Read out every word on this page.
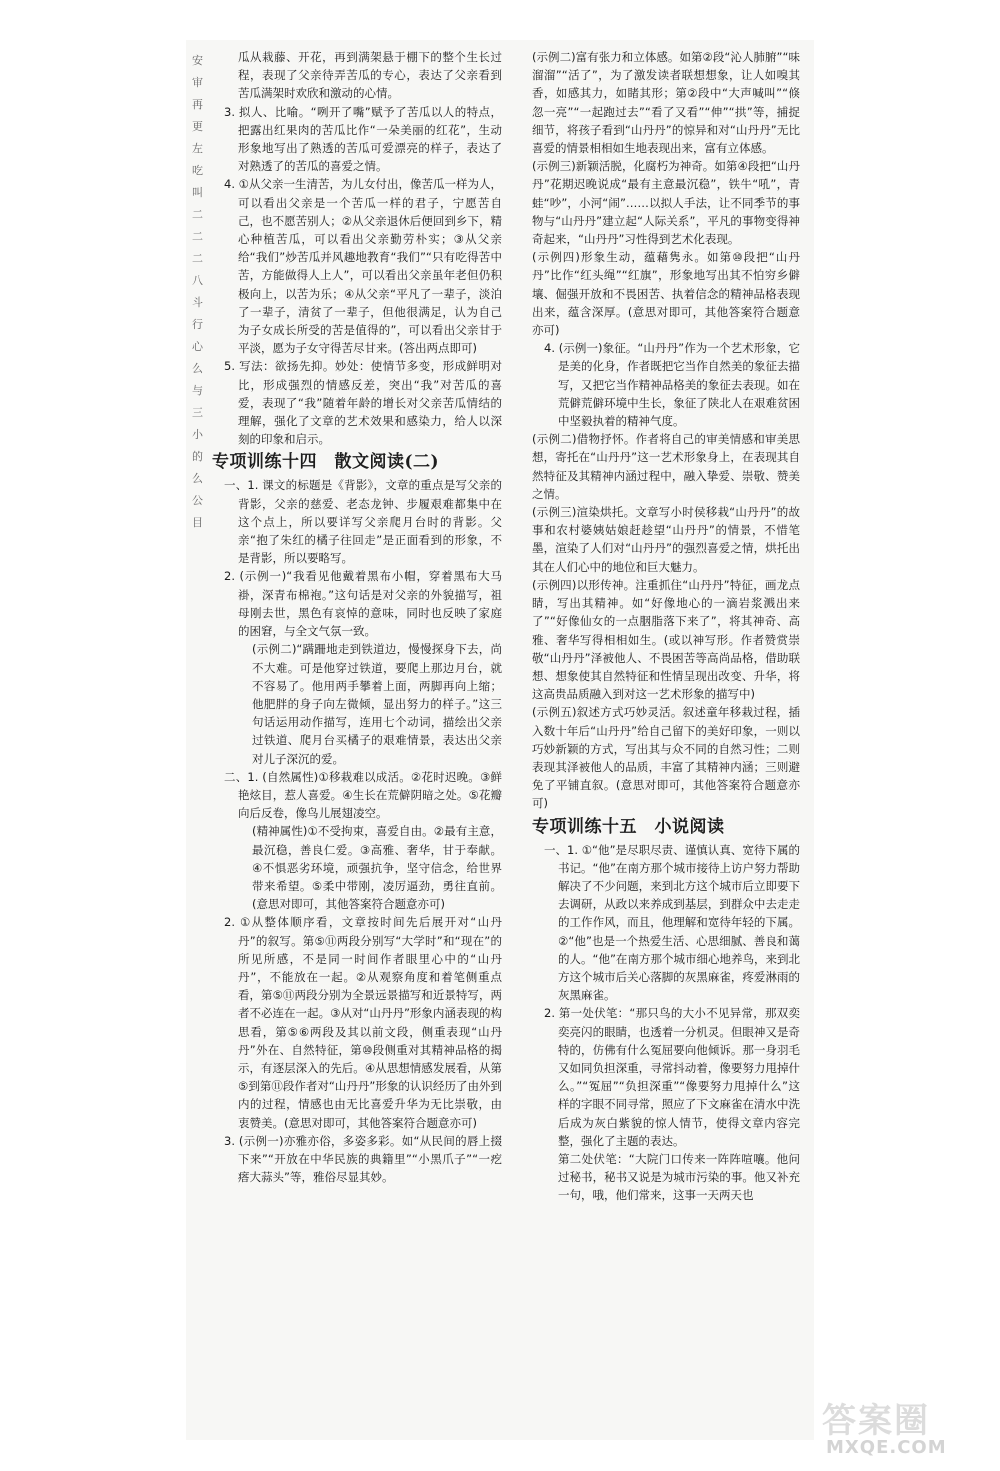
安审再更左吃叫二二二八斗行心么与三小的么公目

瓜从栽藤、开花，再到满架悬于棚下的整个生长过程，表现了父亲待弄苦瓜的专心，表达了父亲看到苦瓜满架时欢欣和激动的心情。

3. 拟人、比喻。“咧开了嘴”赋予了苦瓜以人的特点，把露出红果肉的苦瓜比作“一朵美丽的红花”，生动形象地写出了熟透的苦瓜可爱漂亮的样子，表达了对熟透了的苦瓜的喜爱之情。

4. ①从父亲一生清苦，为儿女付出，像苦瓜一样为人，可以看出父亲是一个苦瓜一样的君子，宁愿苦自己，也不愿苦别人；②从父亲退休后便回到乡下，精心种植苦瓜，可以看出父亲勤劳朴实；③从父亲给“我们”炒苦瓜并风趣地教育“我们”“只有吃得苦中苦，方能做得人上人”，可以看出父亲虽年老但仍积极向上，以苦为乐；④从父亲“平凡了一辈子，淡泊了一辈子，清贫了一辈子，但他很满足，认为自己为子女成长所受的苦是值得的”，可以看出父亲甘于平淡，愿为子女守得苦尽甘来。(答出两点即可)

5. 写法：欲扬先抑。妙处：使情节多变，形成鲜明对比，形成强烈的情感反差，突出“我”对苦瓜的喜爱，表现了“我”随着年龄的增长对父亲苦瓜情结的理解，强化了文章的艺术效果和感染力，给人以深刻的印象和启示。

专项训练十四　散文阅读(二)

一、1. 课文的标题是《背影》，文章的重点是写父亲的背影，父亲的慈爱、老态龙钟、步履艰难都集中在这个点上，所以要详写父亲爬月台时的背影。父亲“抱了朱红的橘子往回走”是正面看到的形象，不是背影，所以要略写。

2. (示例一)“我看见他戴着黑布小帽，穿着黑布大马褂，深青布棉袍。”这句话是对父亲的外貌描写，祖母刚去世，黑色有哀悼的意味，同时也反映了家庭的困窘，与全文气氛一致。

(示例二)“蹒跚地走到铁道边，慢慢探身下去，尚不大难。可是他穿过铁道，要爬上那边月台，就不容易了。他用两手攀着上面，两脚再向上缩；他肥胖的身子向左微倾，显出努力的样子。”这三句话运用动作描写，连用七个动词，描绘出父亲过铁道、爬月台买橘子的艰难情景，表达出父亲对儿子深沉的爱。

二、1. (自然属性)①移栽难以成活。②花时迟晚。③鲜艳炫目，惹人喜爱。④生长在荒僻阴暗之处。⑤花瓣向后反卷，像鸟儿展翅凌空。

(精神属性)①不受拘束，喜爱自由。②最有主意，最沉稳，善良仁爱。③高雅、奢华，甘于奉献。④不惧恶劣环境，顽强抗争，坚守信念，给世界带来希望。⑤柔中带刚，凌厉逼劲，勇往直前。(意思对即可，其他答案符合题意亦可)

2. ①从整体顺序看，文章按时间先后展开对“山丹丹”的叙写。第⑤⑪两段分别写“大学时”和“现在”的所见所感，不是同一时间作者眼里心中的“山丹丹”，不能放在一起。②从观察角度和着笔侧重点看，第⑤⑪两段分别为全景远景描写和近景特写，两者不必连在一起。③从对“山丹丹”形象内涵表现的构思看，第⑤⑥两段及其以前文段，侧重表现“山丹丹”外在、自然特征，第⑩段侧重对其精神品格的揭示，有逐层深入的先后。④从思想情感发展看，从第⑤到第⑪段作者对“山丹丹”形象的认识经历了由外到内的过程，情感也由无比喜爱升华为无比崇敬，由衷赞美。(意思对即可，其他答案符合题意亦可)

3. (示例一)亦雅亦俗，多姿多彩。如“从民间的唇上掇下来”“开放在中华民族的典籍里”“小黑爪子”“一疙瘩大蒜头”等，雅俗尽显其妙。

(示例二)富有张力和立体感。如第②段“沁人肺腑”“味溜溜”“活了”，为了激发读者联想想象，让人如嗅其香，如感其力，如睹其形；第②段中“大声喊叫”“倏忽一亮”“一起跑过去”“看了又看”“伸”“拱”等，捕捉细节，将孩子看到“山丹丹”的惊异和对“山丹丹”无比喜爱的情景相相如生地表现出来，富有立体感。

(示例三)新颖活脱，化腐朽为神奇。如第④段把“山丹丹”花期迟晚说成“最有主意最沉稳”，铁牛“吼”，青蛙“吵”，小河“闹”……以拟人手法，让不同季节的事物与“山丹丹”建立起“人际关系”，平凡的事物变得神奇起来，“山丹丹”习性得到艺术化表现。

(示例四)形象生动，蕴藉隽永。如第⑩段把“山丹丹”比作“红头绳”“红旗”，形象地写出其不怕穷乡僻壤、倔强开放和不畏困苦、执着信念的精神品格表现出来，蕴含深厚。(意思对即可，其他答案符合题意亦可)

4. (示例一)象征。“山丹丹”作为一个艺术形象，它是美的化身，作者既把它当作自然美的象征去描写，又把它当作精神品格美的象征去表现。如在荒僻荒僻环境中生长，象征了陕北人在艰难贫困中坚毅执着的精神气度。

(示例二)借物抒怀。作者将自己的审美情感和审美思想，寄托在“山丹丹”这一艺术形象身上，在表现其自然特征及其精神内涵过程中，融入挚爱、崇敬、赞美之情。

(示例三)渲染烘托。文章写小时侯移栽“山丹丹”的故事和农村婆姨姑娘赶趁望“山丹丹”的情景，不惜笔墨，渲染了人们对“山丹丹”的强烈喜爱之情，烘托出其在人们心中的地位和巨大魅力。

(示例四)以形传神。注重抓住“山丹丹”特征，画龙点睛，写出其精神。如“好像地心的一滴岩浆溅出来了”“好像仙女的一点胭脂落下来了”，将其神奇、高雅、奢华写得相相如生。(或以神写形。作者赞赏崇敬“山丹丹”泽被他人、不畏困苦等高尚品格，借助联想、想象使其自然特征和性情呈现出改变、升华，将这高贵品质融入到对这一艺术形象的描写中)

(示例五)叙述方式巧妙灵活。叙述童年移栽过程，插入数十年后“山丹丹”给自己留下的美好印象，一则以巧妙新颖的方式，写出其与众不同的自然习性；二则表现其泽被他人的品质，丰富了其精神内涵；三则避免了平铺直叙。(意思对即可，其他答案符合题意亦可)

专项训练十五　小说阅读

一、1. ①“他”是尽职尽责、谨慎认真、宽待下属的书记。“他”在南方那个城市接待上访户努力帮助解决了不少问题，来到北方这个城市后立即要下去调研，从政以来养成到基层，到群众中去走走的工作作风，而且，他理解和宽待年轻的下属。②“他”也是一个热爱生活、心思细腻、善良和蔼的人。“他”在南方那个城市细心地养鸟，来到北方这个城市后关心落脚的灰黑麻雀，疼爱淋雨的灰黑麻雀。

2. 第一处伏笔：“那只鸟的大小不见异常，那双奕奕亮闪的眼睛，也透着一分机灵。但眼神又是奇特的，仿佛有什么冤屈要向他倾诉。那一身羽毛又如同负担深重，寻常抖动着，像要努力甩掉什么。”“冤屈”“负担深重”“像要努力甩掉什么”这样的字眼不同寻常，照应了下文麻雀在清水中洗后成为灰白紫貌的惊人情节，使得文章内容完整，强化了主题的表达。

第二处伏笔：“大院门口传来一阵阵喧嚷。他问过秘书，秘书又说是为城市污染的事。他又补充一句，哦，他们常来，这事一天两天也

答案圈
MXQE.COM
